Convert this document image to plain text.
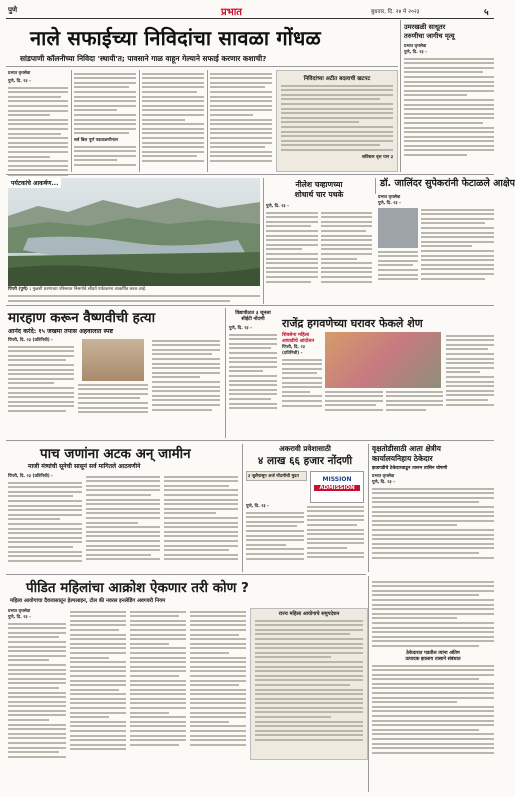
पुणे	प्रभात	बुधवार, दि. २४ मे २०२३	५
नाले सफाईच्या निविदांचा सावळा गोंधळ
सांडपाणी कॉलनीच्या निविदा 'स्थायी'त; पावसाने गाळ वाहून गेल्याने सफाई करणार कशाची?
प्रभात वृत्तसेवा
पुणे, दि. २३ -
सर्व बिल पूर्ण पडताळणीनंतर
निविदांच्या अटीत बदलाची खटपट
सविस्तर वृत्त पान ३
उमरखळी साधूतर
तरुणीचा जागीच मृत्यू
प्रभात वृत्तसेवा
पुणे, दि. २३ -
पर्यटकांचे आकर्षण...
पिंपरी (पुणे) : मुळशी धरणाच्या परिसरात निसर्गाचे सौंदर्य पर्यटकांना आकर्षित करत आहे.
नीलेश चव्हाणच्या
शोधार्थ चार पथके
पुणे, दि. २३ -
डॉ. जालिंदर सुपेकरांनी फेटाळले आक्षेप
प्रभात वृत्तसेवा
पुणे, दि. २३ -
मारहाण करून वैष्णवीची हत्या
आनंद करंदे: १५ जखमा तपास अहवालात स्पष्ट
पिंपरी, दि. २३ (प्रतिनिधी) -
विद्यापीठात ३ जूनला
सीईटी नोंदणी
पुणे, दि. २३ -	राजेंद्र हगवणेच्या घरावर फेकले शेण
शिवसेना महिला
आघाडीचे आंदोलन
पिंपरी, दि. २३ (प्रतिनिधी) -
पाच जणांना अटक अन् जामीन
माजी मंत्र्यांची सूनेची सासूनं सर्व मागितले आठवणीने
पिंपरी, दि. २३ (प्रतिनिधी) -
अकरावी प्रवेशासाठी
४ लाख ६६ हजार नोंदणी
३ जुलैपासून अर्ज नोंदणीची मुदत	MISSION
ADMISSION
पुणे, दि. २३ -
वृक्षतोडीसाठी आता क्षेत्रीय
कार्यालयनिहाय ठेकेदार
झाडपडीचे ठेकेदारवाढून तासभ तासिन घोषणी
प्रभात वृत्तसेवा
पुणे, दि. २३ -
पीडित महिलांचा आक्रोश ऐकणार तरी कोण ?
महिला आयोगाचा दैवजासातून हेल्पलाइन, टोल की नवरल इनलेडिंग अवगवरी नियम
प्रभात वृत्तसेवा
पुणे, दि. २३ -
राज्य महिला आयोगाचे समुपदेशन
ठेकेदारात पडतील त्यांना अंतिम
उत्पादक झालाय तासाने संबंधात
